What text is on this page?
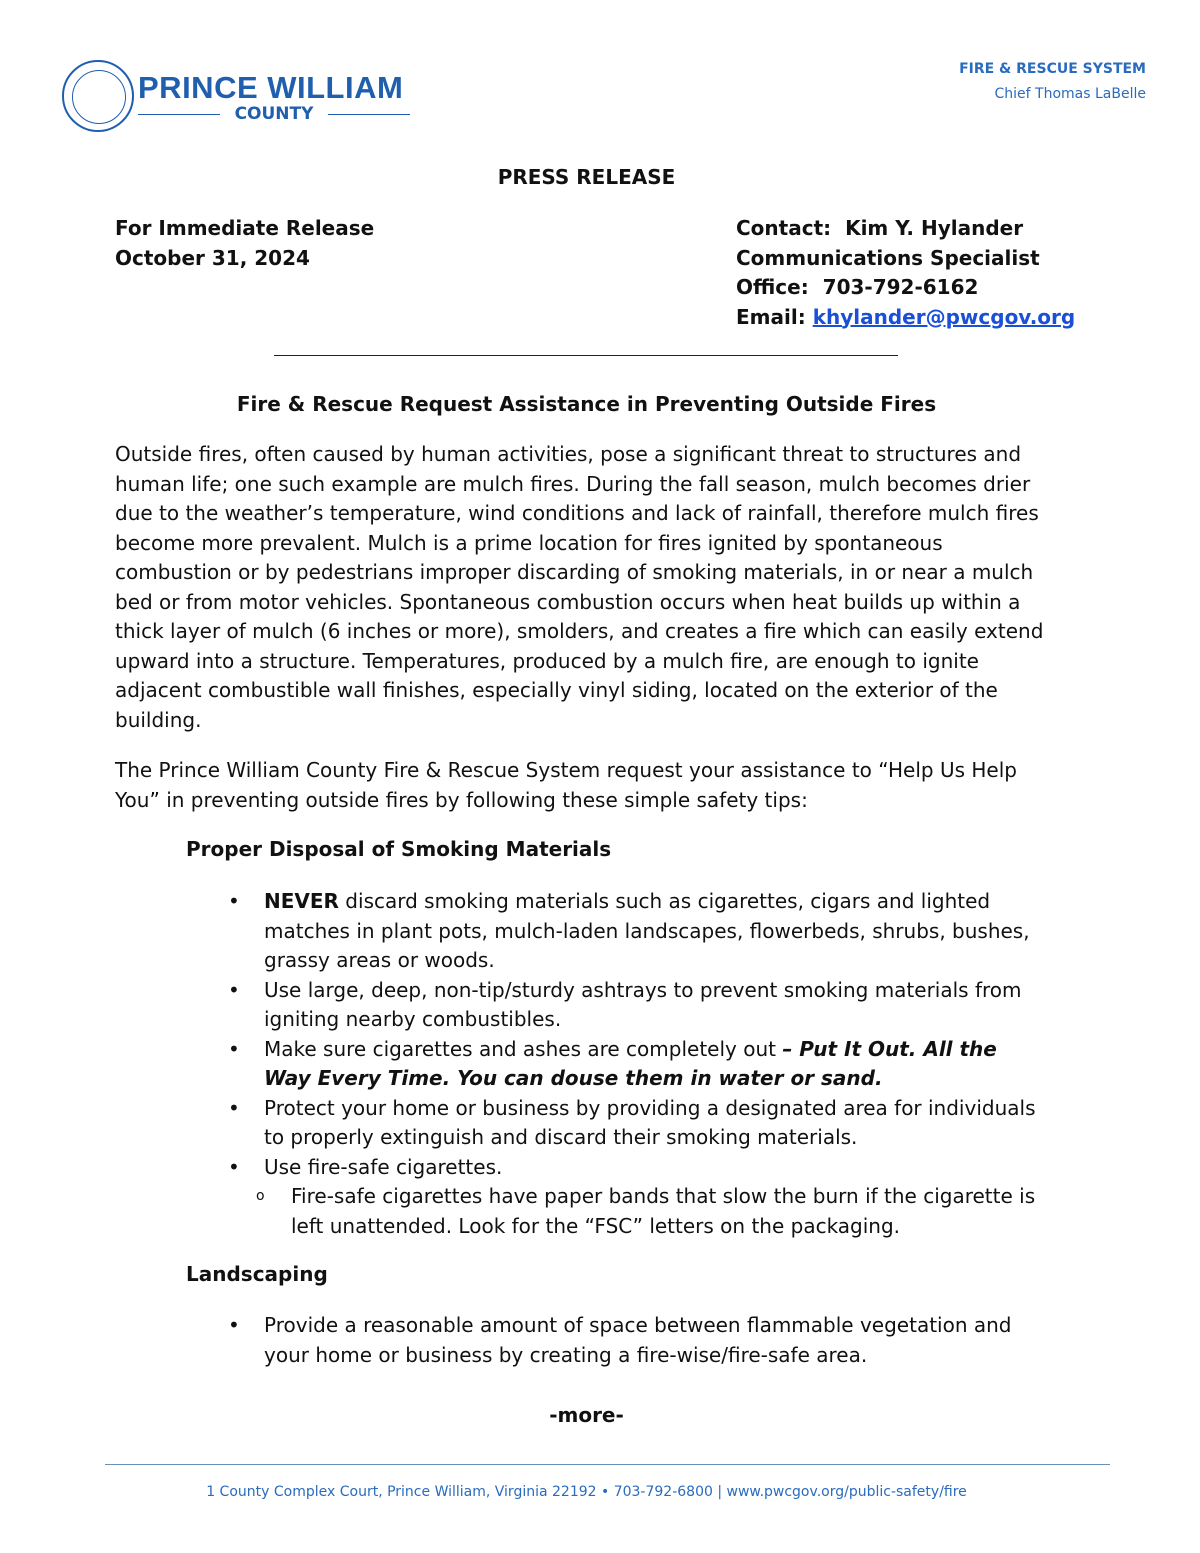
PRINCE WILLIAM
COUNTY
FIRE & RESCUE SYSTEM
Chief Thomas LaBelle
PRESS RELEASE
For Immediate Release
October 31, 2024
Contact: Kim Y. Hylander
Communications Specialist
Office: 703-792-6162
Email: khylander@pwcgov.org
Fire & Rescue Request Assistance in Preventing Outside Fires
Outside fires, often caused by human activities, pose a significant threat to structures and human life; one such example are mulch fires. During the fall season, mulch becomes drier due to the weather’s temperature, wind conditions and lack of rainfall, therefore mulch fires become more prevalent. Mulch is a prime location for fires ignited by spontaneous combustion or by pedestrians improper discarding of smoking materials, in or near a mulch bed or from motor vehicles. Spontaneous combustion occurs when heat builds up within a thick layer of mulch (6 inches or more), smolders, and creates a fire which can easily extend upward into a structure. Temperatures, produced by a mulch fire, are enough to ignite adjacent combustible wall finishes, especially vinyl siding, located on the exterior of the building.
The Prince William County Fire & Rescue System request your assistance to “Help Us Help You” in preventing outside fires by following these simple safety tips:
Proper Disposal of Smoking Materials
• NEVER discard smoking materials such as cigarettes, cigars and lighted matches in plant pots, mulch-laden landscapes, flowerbeds, shrubs, bushes, grassy areas or woods.
• Use large, deep, non-tip/sturdy ashtrays to prevent smoking materials from igniting nearby combustibles.
• Make sure cigarettes and ashes are completely out – Put It Out. All the Way Every Time. You can douse them in water or sand.
• Protect your home or business by providing a designated area for individuals to properly extinguish and discard their smoking materials.
• Use fire-safe cigarettes.
o Fire-safe cigarettes have paper bands that slow the burn if the cigarette is left unattended. Look for the “FSC” letters on the packaging.
Landscaping
• Provide a reasonable amount of space between flammable vegetation and your home or business by creating a fire-wise/fire-safe area.
-more-
1 County Complex Court, Prince William, Virginia 22192 • 703-792-6800 | www.pwcgov.org/public-safety/fire
